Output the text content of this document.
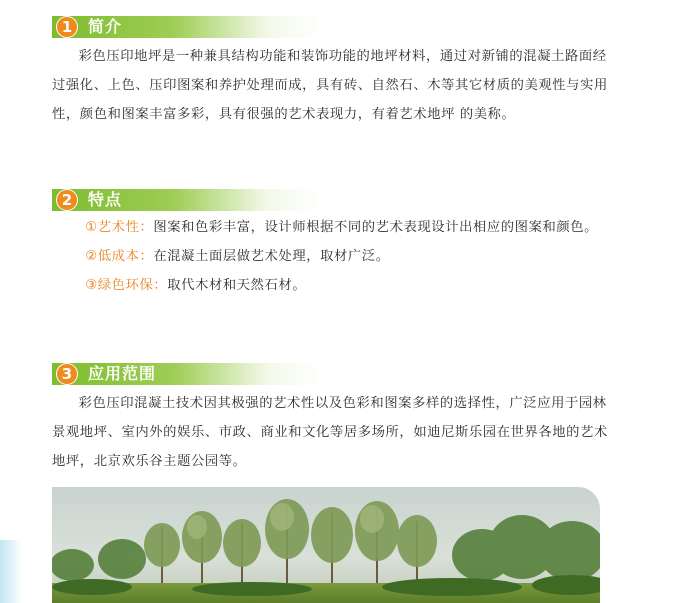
1 简介

彩色压印地坪是一种兼具结构功能和装饰功能的地坪材料，通过对新铺的混凝土路面经过强化、上色、压印图案和养护处理而成，具有砖、自然石、木等其它材质的美观性与实用性，颜色和图案丰富多彩，具有很强的艺术表现力，有着艺术地坪 的美称。

2 特点

①艺术性：图案和色彩丰富，设计师根据不同的艺术表现设计出相应的图案和颜色。

②低成本：在混凝土面层做艺术处理，取材广泛。

③绿色环保：取代木材和天然石材。

3 应用范围

彩色压印混凝土技术因其极强的艺术性以及色彩和图案多样的选择性，广泛应用于园林景观地坪、室内外的娱乐、市政、商业和文化等居多场所，如迪尼斯乐园在世界各地的艺术地坪，北京欢乐谷主题公园等。
